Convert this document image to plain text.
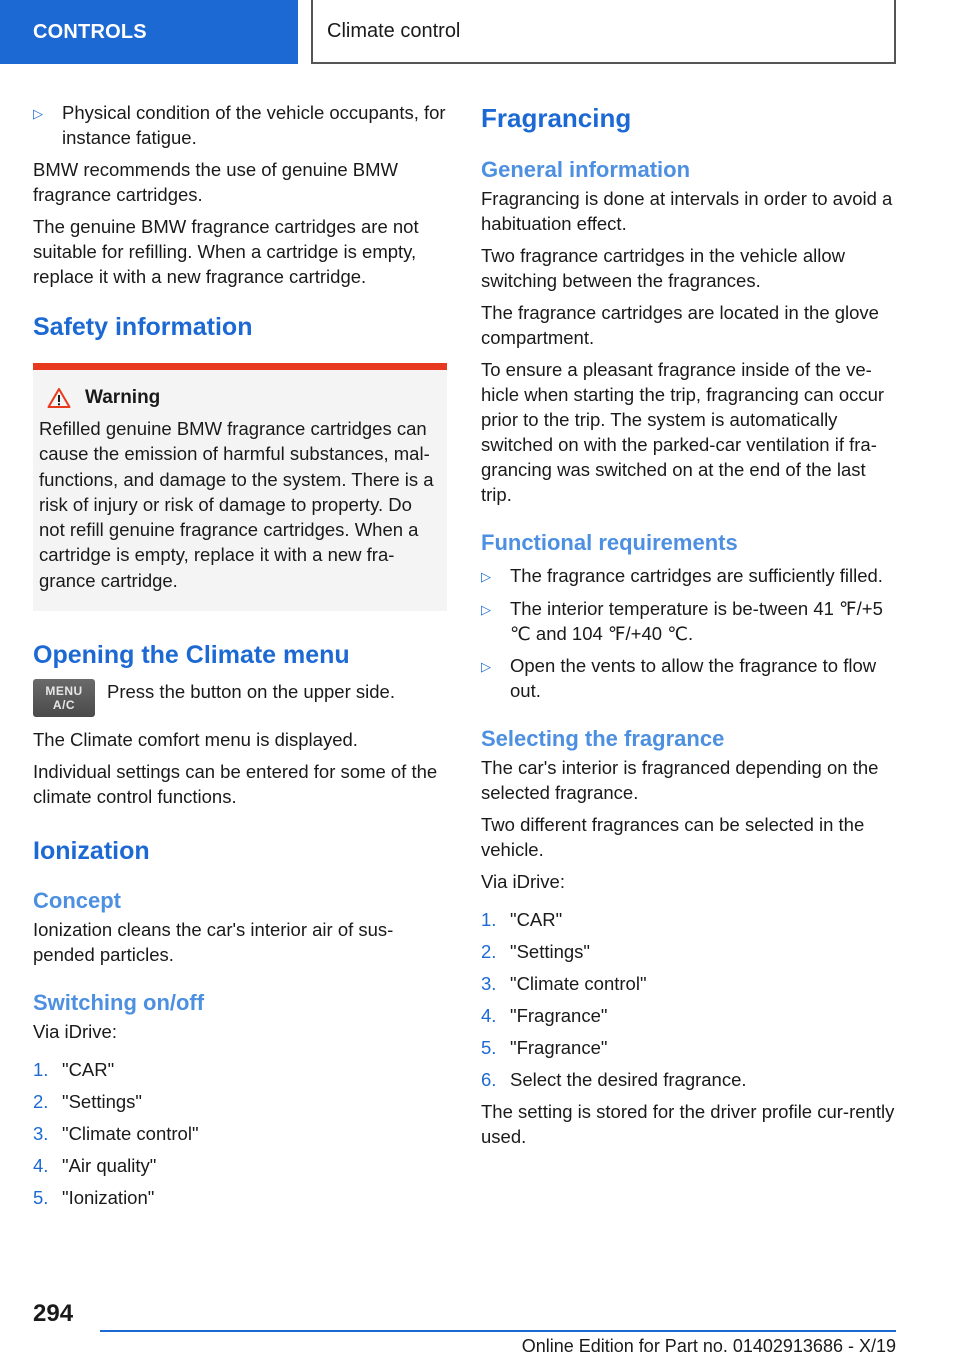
CONTROLS	Climate control
▷	Physical condition of the vehicle occupants, for instance fatigue.

BMW recommends the use of genuine BMW fragrance cartridges.

The genuine BMW fragrance cartridges are not suitable for refilling. When a cartridge is empty, replace it with a new fragrance cartridge.

Safety information
Warning

Refilled genuine BMW fragrance cartridges can cause the emission of harmful substances, mal-functions, and damage to the system. There is a risk of injury or risk of damage to property. Do not refill genuine fragrance cartridges. When a cartridge is empty, replace it with a new fra-grance cartridge.

Opening the Climate menu
MENU
A/C

Press the button on the upper side.

The Climate comfort menu is displayed.

Individual settings can be entered for some of the climate control functions.

Ionization
Concept

Ionization cleans the car's interior air of sus-pended particles.

Switching on/off

Via iDrive:

1. "CAR"
2. "Settings"
3. "Climate control"
4. "Air quality"
5. "Ionization"
Fragrancing
General information

Fragrancing is done at intervals in order to avoid a habituation effect.

Two fragrance cartridges in the vehicle allow switching between the fragrances.

The fragrance cartridges are located in the glove compartment.

To ensure a pleasant fragrance inside of the ve-hicle when starting the trip, fragrancing can occur prior to the trip. The system is automatically switched on with the parked-car ventilation if fra-grancing was switched on at the end of the last trip.

Functional requirements
▷	The fragrance cartridges are sufficiently filled.
▷	The interior temperature is be-tween 41 ℉/+5 ℃ and 104 ℉/+40 ℃.
▷	Open the vents to allow the fragrance to flow out.
Selecting the fragrance

The car's interior is fragranced depending on the selected fragrance.

Two different fragrances can be selected in the vehicle.

Via iDrive:

1. "CAR"
2. "Settings"
3. "Climate control"
4. "Fragrance"
5. "Fragrance"
6. Select the desired fragrance.

The setting is stored for the driver profile cur-rently used.

294
Online Edition for Part no. 01402913686 - X/19
